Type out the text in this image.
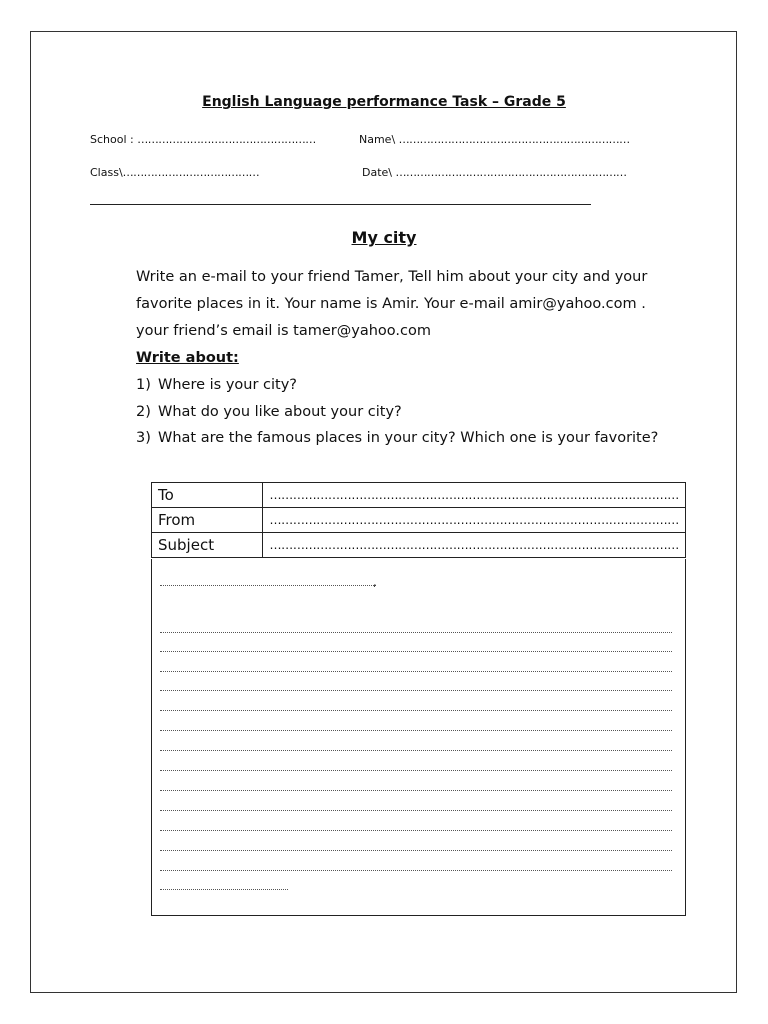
English Language performance Task – Grade 5
School : ……………………………………………	Name\ …………………………………………………………
Class\…………………………………	Date\ …………………………………………………………
My city
Write an e-mail to your friend Tamer, Tell him about your city and your favorite places in it. Your name is Amir. Your e-mail amir@yahoo.com . your friend’s email is tamer@yahoo.com
Write about:
1) Where is your city?
2) What do you like about your city?
3) What are the famous places in your city? Which one is your favorite?
To	……………………………………………………………………………………………
From	……………………………………………………………………………………………
Subject	……………………………………………………………………………………………
,
